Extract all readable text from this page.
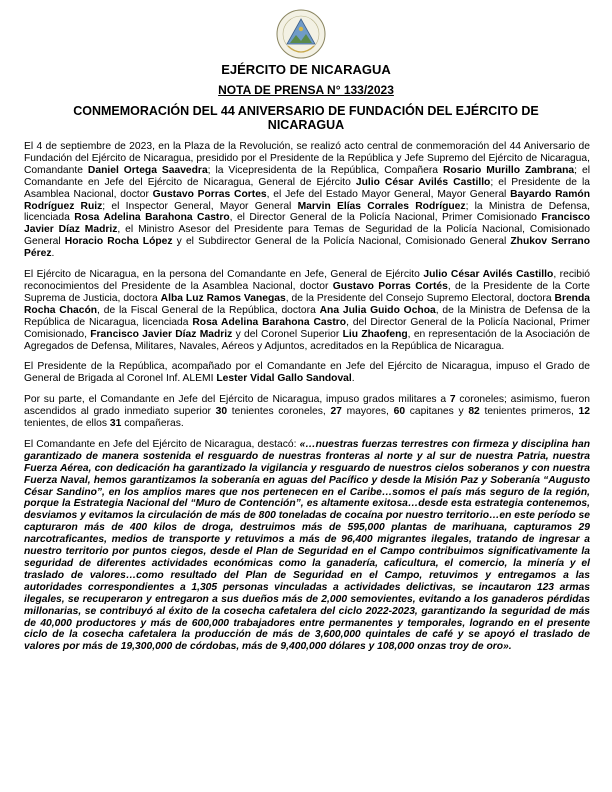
EJÉRCITO DE NICARAGUA
NOTA DE PRENSA N° 133/2023
CONMEMORACIÓN DEL 44 ANIVERSARIO DE FUNDACIÓN DEL EJÉRCITO DE NICARAGUA

El 4 de septiembre de 2023, en la Plaza de la Revolución, se realizó acto central de conmemoración del 44 Aniversario de Fundación del Ejército de Nicaragua, presidido por el Presidente de la República y Jefe Supremo del Ejército de Nicaragua, Comandante Daniel Ortega Saavedra; la Vicepresidenta de la República, Compañera Rosario Murillo Zambrana; el Comandante en Jefe del Ejército de Nicaragua, General de Ejército Julio César Avilés Castillo; el Presidente de la Asamblea Nacional, doctor Gustavo Porras Cortes, el Jefe del Estado Mayor General, Mayor General Bayardo Ramón Rodríguez Ruiz; el Inspector General, Mayor General Marvin Elías Corrales Rodríguez; la Ministra de Defensa, licenciada Rosa Adelina Barahona Castro, el Director General de la Policía Nacional, Primer Comisionado Francisco Javier Díaz Madriz, el Ministro Asesor del Presidente para Temas de Seguridad de la Policía Nacional, Comisionado General Horacio Rocha López y el Subdirector General de la Policía Nacional, Comisionado General Zhukov Serrano Pérez.

El Ejército de Nicaragua, en la persona del Comandante en Jefe, General de Ejército Julio César Avilés Castillo, recibió reconocimientos del Presidente de la Asamblea Nacional, doctor Gustavo Porras Cortés, de la Presidente de la Corte Suprema de Justicia, doctora Alba Luz Ramos Vanegas, de la Presidente del Consejo Supremo Electoral, doctora Brenda Rocha Chacón, de la Fiscal General de la República, doctora Ana Julia Guido Ochoa, de la Ministra de Defensa de la República de Nicaragua, licenciada Rosa Adelina Barahona Castro, del Director General de la Policía Nacional, Primer Comisionado, Francisco Javier Díaz Madriz y del Coronel Superior Liu Zhaofeng, en representación de la Asociación de Agregados de Defensa, Militares, Navales, Aéreos y Adjuntos, acreditados en la República de Nicaragua.

El Presidente de la República, acompañado por el Comandante en Jefe del Ejército de Nicaragua, impuso el Grado de General de Brigada al Coronel Inf. ALEMI Lester Vidal Gallo Sandoval.

Por su parte, el Comandante en Jefe del Ejército de Nicaragua, impuso grados militares a 7 coroneles; asimismo, fueron ascendidos al grado inmediato superior 30 tenientes coroneles, 27 mayores, 60 capitanes y 82 tenientes primeros, 12 tenientes, de ellos 31 compañeras.

El Comandante en Jefe del Ejército de Nicaragua, destacó: «…nuestras fuerzas terrestres con firmeza y disciplina han garantizado de manera sostenida el resguardo de nuestras fronteras al norte y al sur de nuestra Patria, nuestra Fuerza Aérea, con dedicación ha garantizado la vigilancia y resguardo de nuestros cielos soberanos y con nuestra Fuerza Naval, hemos garantizamos la soberanía en aguas del Pacífico y desde la Misión Paz y Soberanía “Augusto César Sandino”, en los amplios mares que nos pertenecen en el Caribe…somos el país más seguro de la región, porque la Estrategia Nacional del “Muro de Contención”, es altamente exitosa…desde esta estrategia contenemos, desviamos y evitamos la circulación de más de 800 toneladas de cocaína por nuestro territorio…en este período se capturaron más de 400 kilos de droga, destruimos más de 595,000 plantas de marihuana, capturamos 29 narcotraficantes, medios de transporte y retuvimos a más de 96,400 migrantes ilegales, tratando de ingresar a nuestro territorio por puntos ciegos, desde el Plan de Seguridad en el Campo contribuimos significativamente la seguridad de diferentes actividades económicas como la ganadería, caficultura, el comercio, la minería y el traslado de valores…como resultado del Plan de Seguridad en el Campo, retuvimos y entregamos a las autoridades correspondientes a 1,305 personas vinculadas a actividades delictivas, se incautaron 123 armas ilegales, se recuperaron y entregaron a sus dueños más de 2,000 semovientes, evitando a los ganaderos pérdidas millonarias, se contribuyó al éxito de la cosecha cafetalera del ciclo 2022-2023, garantizando la seguridad de más de 40,000 productores y más de 600,000 trabajadores entre permanentes y temporales, logrando en el presente ciclo de la cosecha cafetalera la producción de más de 3,600,000 quintales de café y se apoyó el traslado de valores por más de 19,300,000 de córdobas, más de 9,400,000 dólares y 108,000 onzas troy de oro».
